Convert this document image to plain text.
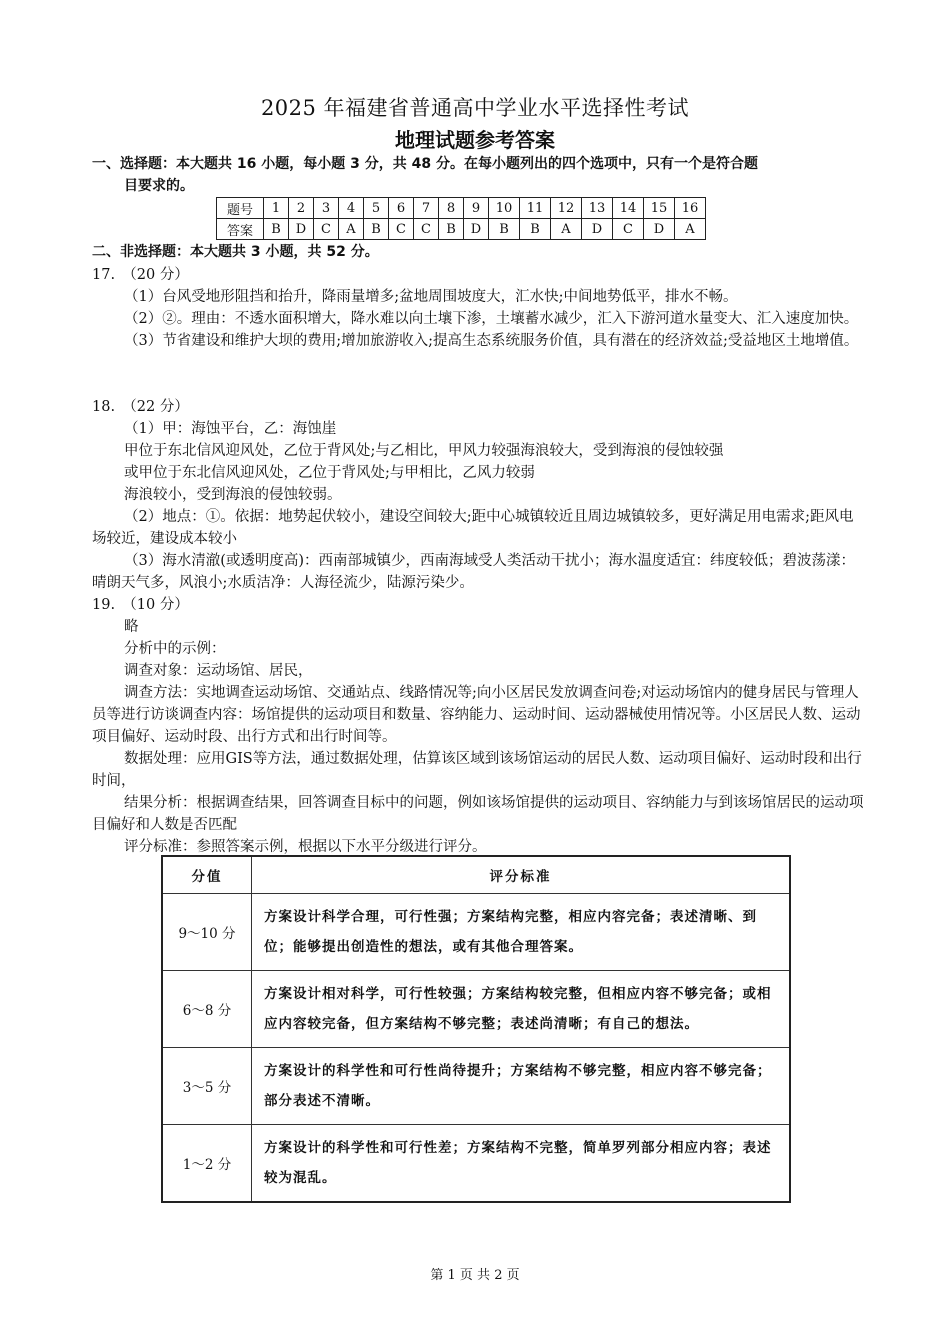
2025 年福建省普通高中学业水平选择性考试
地理试题参考答案
一、选择题：本大题共 16 小题，每小题 3 分，共 48 分。在每小题列出的四个选项中，只有一个是符合题
目要求的。
题号	1	2	3	4	5	6	7	8	9	10	11	12	13	14	15	16
答案	B	D	C	A	B	C	C	B	D	B	B	A	D	C	D	A
二、非选择题：本大题共 3 小题，共 52 分。

17.　（20 分）

（1）台风受地形阻挡和抬升，降雨量增多;盆地周围坡度大，汇水快;中间地势低平，排水不畅。

（2）②。理由：不透水面积增大，降水难以向土壤下渗，土壤蓄水减少，汇入下游河道水量变大、汇入速度加快。

（3）节省建设和维护大坝的费用;增加旅游收入;提高生态系统服务价值，具有潜在的经济效益;受益地区土地增值。

18.　（22 分）

（1）甲：海蚀平台，乙：海蚀崖

甲位于东北信风迎风处，乙位于背风处;与乙相比，甲风力较强海浪较大，受到海浪的侵蚀较强

或甲位于东北信风迎风处，乙位于背风处;与甲相比，乙风力较弱

海浪较小，受到海浪的侵蚀较弱。

（2）地点：①。依据：地势起伏较小，建设空间较大;距中心城镇较近且周边城镇较多，更好满足用电需求;距风电场较近，建设成本较小

（3）海水清澈(或透明度高)：西南部城镇少，西南海域受人类活动干扰小；海水温度适宜：纬度较低；碧波荡漾：晴朗天气多，风浪小;水质洁净：人海径流少，陆源污染少。

19.　（10 分）

略

分析中的示例：

调查对象：运动场馆、居民，

调查方法：实地调查运动场馆、交通站点、线路情况等;向小区居民发放调查问卷;对运动场馆内的健身居民与管理人员等进行访谈调查内容：场馆提供的运动项目和数量、容纳能力、运动时间、运动器械使用情况等。小区居民人数、运动项目偏好、运动时段、出行方式和出行时间等。

数据处理：应用GIS等方法，通过数据处理，估算该区域到该场馆运动的居民人数、运动项目偏好、运动时段和出行时间，

结果分析：根据调查结果，回答调查目标中的问题，例如该场馆提供的运动项目、容纳能力与到该场馆居民的运动项目偏好和人数是否匹配

评分标准：参照答案示例，根据以下水平分级进行评分。

分值	评分标准
9～10 分	方案设计科学合理，可行性强；方案结构完整，相应内容完备；表述清晰、到位；能够提出创造性的想法，或有其他合理答案。
6～8 分	方案设计相对科学，可行性较强；方案结构较完整，但相应内容不够完备；或相应内容较完备，但方案结构不够完整；表述尚清晰；有自己的想法。
3～5 分	方案设计的科学性和可行性尚待提升；方案结构不够完整，相应内容不够完备；部分表述不清晰。
1～2 分	方案设计的科学性和可行性差；方案结构不完整，简单罗列部分相应内容；表述较为混乱。
第 1 页 共 2 页
